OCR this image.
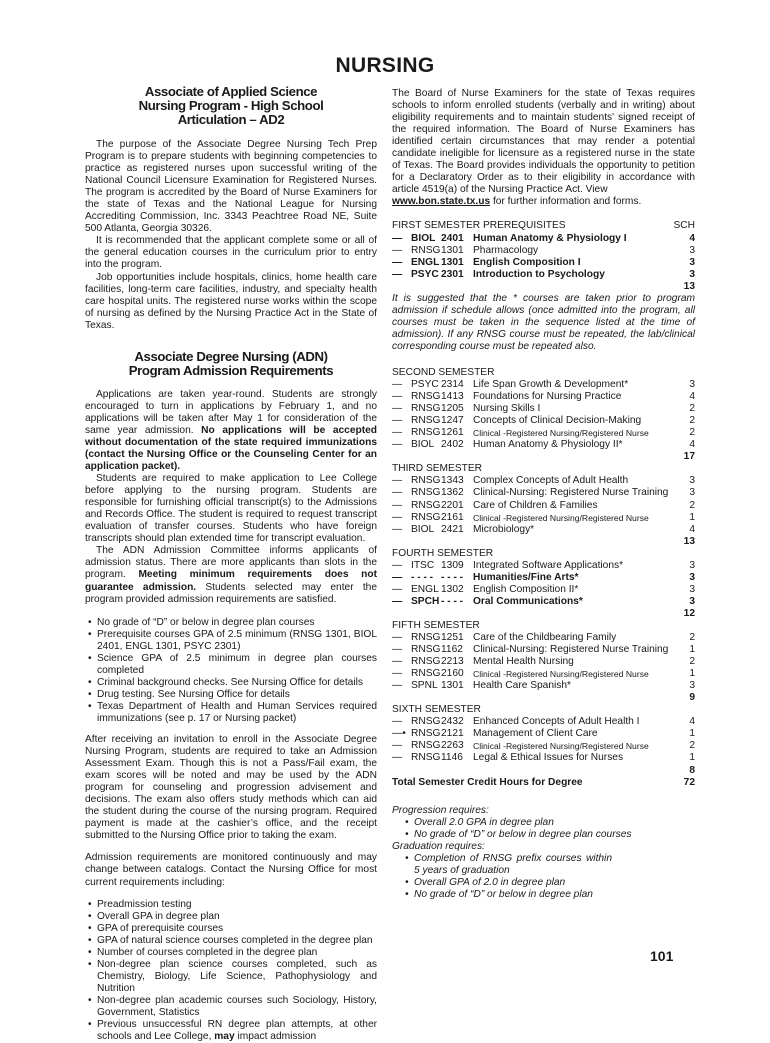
NURSING
Associate of Applied Science Nursing Program - High School Articulation – AD2

The purpose of the Associate Degree Nursing Tech Prep Program is to prepare students with beginning competencies to practice as registered nurses upon successful writing of the National Council Licensure Examination for Registered Nurses. The program is accredited by the Board of Nurse Examiners for the state of Texas and the National League for Nursing Accrediting Commission, Inc. 3343 Peachtree Road NE, Suite 500 Atlanta, Georgia 30326.

It is recommended that the applicant complete some or all of the general education courses in the curriculum prior to entry into the program.

Job opportunities include hospitals, clinics, home health care facilities, long-term care facilities, industry, and specialty health care hospital units. The registered nurse works within the scope of nursing as defined by the Nursing Practice Act in the State of Texas.

Associate Degree Nursing (ADN) Program Admission Requirements

Applications are taken year-round. Students are strongly encouraged to turn in applications by February 1, and no applications will be taken after May 1 for consideration of the same year admission. No applications will be accepted without documentation of the state required immunizations (contact the Nursing Office or the Counseling Center for an application packet).

Students are required to make application to Lee College before applying to the nursing program. Students are responsible for furnishing official transcript(s) to the Admissions and Records Office. The student is required to request transcript evaluation of transfer courses. Students who have foreign transcripts should plan extended time for transcript evaluation.

The ADN Admission Committee informs applicants of admission status. There are more applicants than slots in the program. Meeting minimum requirements does not guarantee admission. Students selected may enter the program provided admission requirements are satisfied.

• No grade of “D” or below in degree plan courses
• Prerequisite courses GPA of 2.5 minimum (RNSG 1301, BIOL 2401, ENGL 1301, PSYC 2301)
• Science GPA of 2.5 minimum in degree plan courses completed
• Criminal background checks. See Nursing Office for details
• Drug testing. See Nursing Office for details
• Texas Department of Health and Human Services required immunizations (see p. 17 or Nursing packet)

After receiving an invitation to enroll in the Associate Degree Nursing Program, students are required to take an Admission Assessment Exam. Though this is not a Pass/Fail exam, the exam scores will be noted and may be used by the ADN program for counseling and progression advisement and decisions. The exam also offers study methods which can aid the student during the course of the nursing program. Required payment is made at the cashier’s office, and the receipt submitted to the Nursing Office prior to taking the exam.

Admission requirements are monitored continuously and may change between catalogs. Contact the Nursing Office for most current requirements including:

• Preadmission testing
• Overall GPA in degree plan
• GPA of prerequisite courses
• GPA of natural science courses completed in the degree plan
• Number of courses completed in the degree plan
• Non-degree plan science courses completed, such as Chemistry, Biology, Life Science, Pathophysiology and Nutrition
• Non-degree plan academic courses such Sociology, History, Government, Statistics
• Previous unsuccessful RN degree plan attempts, at other schools and Lee College, may impact admission

The Board of Nurse Examiners for the state of Texas requires schools to inform enrolled students (verbally and in writing) about eligibility requirements and to maintain students' signed receipt of the required information. The Board of Nurse Examiners has identified certain circumstances that may render a potential candidate ineligible for licensure as a registered nurse in the state of Texas. The Board provides individuals the opportunity to petition for a Declaratory Order as to their eligibility in accordance with article 4519(a) of the Nursing Practice Act. View

www.bon.state.tx.us for further information and forms.
FIRST SEMESTER PREREQUISITES	SCH
—	BIOL	2401	Human Anatomy & Physiology I	4
—	RNSG	1301	Pharmacology	3
—	ENGL	1301	English Composition I	3
—	PSYC	2301	Introduction to Psychology	3
				13

It is suggested that the * courses are taken prior to program admission if schedule allows (once admitted into the program, all courses must be taken in the sequence listed at the time of admission). If any RNSG course must be repeated, the lab/clinical corresponding course must be repeated also.

SECOND SEMESTER
—	PSYC	2314	Life Span Growth & Development*	3
—	RNSG	1413	Foundations for Nursing Practice	4
—	RNSG	1205	Nursing Skills I	2
—	RNSG	1247	Concepts of Clinical Decision-Making	2
—	RNSG	1261	Clinical -Registered Nursing/Registered Nurse	2
—	BIOL	2402	Human Anatomy & Physiology II*	4
				17
THIRD SEMESTER
—	RNSG	1343	Complex Concepts of Adult Health	3
—	RNSG	1362	Clinical-Nursing: Registered Nurse Training	3
—	RNSG	2201	Care of Children & Families	2
—	RNSG	2161	Clinical -Registered Nursing/Registered Nurse	1
—	BIOL	2421	Microbiology*	4
				13
FOURTH SEMESTER
—	ITSC	1309	Integrated Software Applications*	3
—	- - - -	- - - -	Humanities/Fine Arts*	3
—	ENGL	1302	English Composition II*	3
—	SPCH	- - - -	Oral Communications*	3
				12
FIFTH SEMESTER
—	RNSG	1251	Care of the Childbearing Family	2
—	RNSG	1162	Clinical-Nursing: Registered Nurse Training	1
—	RNSG	2213	Mental Health Nursing	2
—	RNSG	2160	Clinical -Registered Nursing/Registered Nurse	1
—	SPNL	1301	Health Care Spanish*	3
				9
SIXTH SEMESTER
—	RNSG	2432	Enhanced Concepts of Adult Health I	4
—•	RNSG	2121	Management of Client Care	1
—	RNSG	2263	Clinical -Registered Nursing/Registered Nurse	2
—	RNSG	1146	Legal & Ethical Issues for Nurses	1
				8
Total Semester Credit Hours for Degree	72
Progression requires:
• Overall 2.0 GPA in degree plan
• No grade of “D” or below in degree plan courses
Graduation requires:
• Completion of RNSG prefix courses within 5 years of graduation
• Overall GPA of 2.0 in degree plan
• No grade of “D” or below in degree plan
101
